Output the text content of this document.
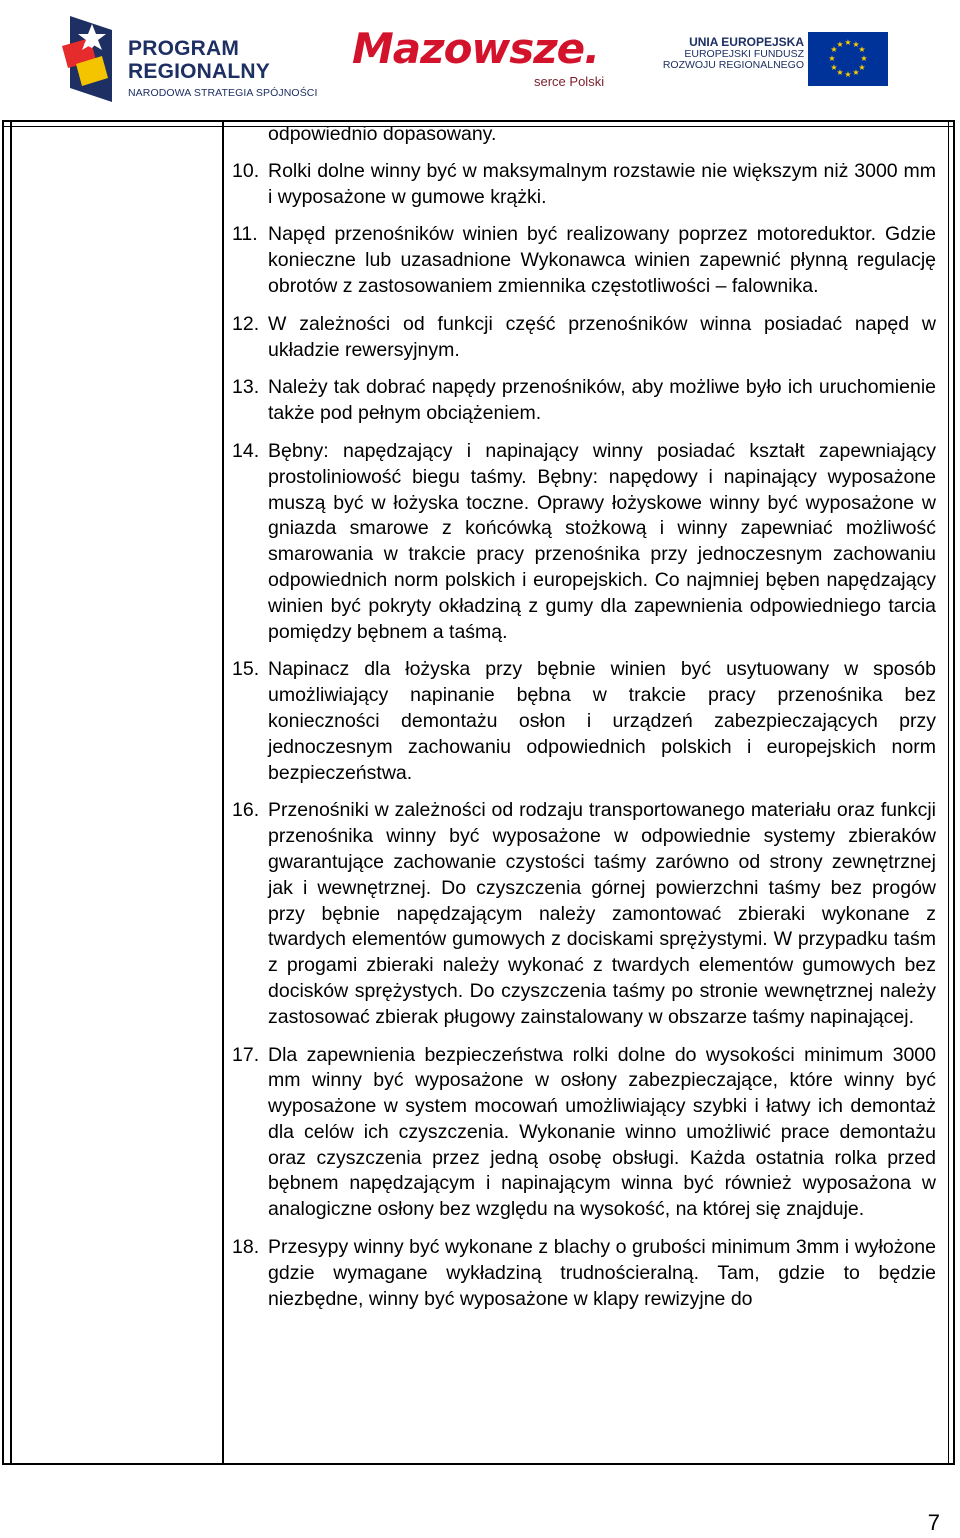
PROGRAM
REGIONALNY
NARODOWA STRATEGIA SPÓJNOŚCI
Mazowsze.
serce Polski
UNIA EUROPEJSKA
EUROPEJSKI FUNDUSZ
ROZWOJU REGIONALNEGO
★ ★
★
★
★
★
★
★
★
★
★
★

odpowiednio dopasowany.

10. Rolki dolne winny być w maksymalnym rozstawie nie większym niż 3000 mm i wyposażone w gumowe krążki.
11. Napęd przenośników winien być realizowany poprzez motoreduktor. Gdzie konieczne lub uzasadnione Wykonawca winien zapewnić płynną regulację obrotów z zastosowaniem zmiennika częstotliwości – falownika.
12. W zależności od funkcji część przenośników winna posiadać napęd w układzie rewersyjnym.
13. Należy tak dobrać napędy przenośników, aby możliwe było ich uruchomienie także pod pełnym obciążeniem.
14. Bębny: napędzający i napinający winny posiadać kształt zapewniający prostoliniowość biegu taśmy. Bębny: napędowy i napinający wyposażone muszą być w łożyska toczne. Oprawy łożyskowe winny być wyposażone w gniazda smarowe z końcówką stożkową i winny zapewniać możliwość smarowania w trakcie pracy przenośnika przy jednoczesnym zachowaniu odpowiednich norm polskich i europejskich. Co najmniej bęben napędzający winien być pokryty okładziną z gumy dla zapewnienia odpowiedniego tarcia pomiędzy bębnem a taśmą.
15. Napinacz dla łożyska przy bębnie winien być usytuowany w sposób umożliwiający napinanie bębna w trakcie pracy przenośnika bez konieczności demontażu osłon i urządzeń zabezpieczających przy jednoczesnym zachowaniu odpowiednich polskich i europejskich norm bezpieczeństwa.
16. Przenośniki w zależności od rodzaju transportowanego materiału oraz funkcji przenośnika winny być wyposażone w odpowiednie systemy zbieraków gwarantujące zachowanie czystości taśmy zarówno od strony zewnętrznej jak i wewnętrznej. Do czyszczenia górnej powierzchni taśmy bez progów przy bębnie napędzającym należy zamontować zbieraki wykonane z twardych elementów gumowych z dociskami sprężystymi. W przypadku taśm z progami zbieraki należy wykonać z twardych elementów gumowych bez docisków sprężystych. Do czyszczenia taśmy po stronie wewnętrznej należy zastosować zbierak pługowy zainstalowany w obszarze taśmy napinającej.
17. Dla zapewnienia bezpieczeństwa rolki dolne do wysokości minimum 3000 mm winny być wyposażone w osłony zabezpieczające, które winny być wyposażone w system mocowań umożliwiający szybki i łatwy ich demontaż dla celów ich czyszczenia. Wykonanie winno umożliwić prace demontażu oraz czyszczenia przez jedną osobę obsługi. Każda ostatnia rolka przed bębnem napędzającym i napinającym winna być również wyposażona w analogiczne osłony bez względu na wysokość, na której się znajduje.
18. Przesypy winny być wykonane z blachy o grubości minimum 3mm i wyłożone gdzie wymagane wykładziną trudnościeralną. Tam, gdzie to będzie niezbędne, winny być wyposażone w klapy rewizyjne do
7
